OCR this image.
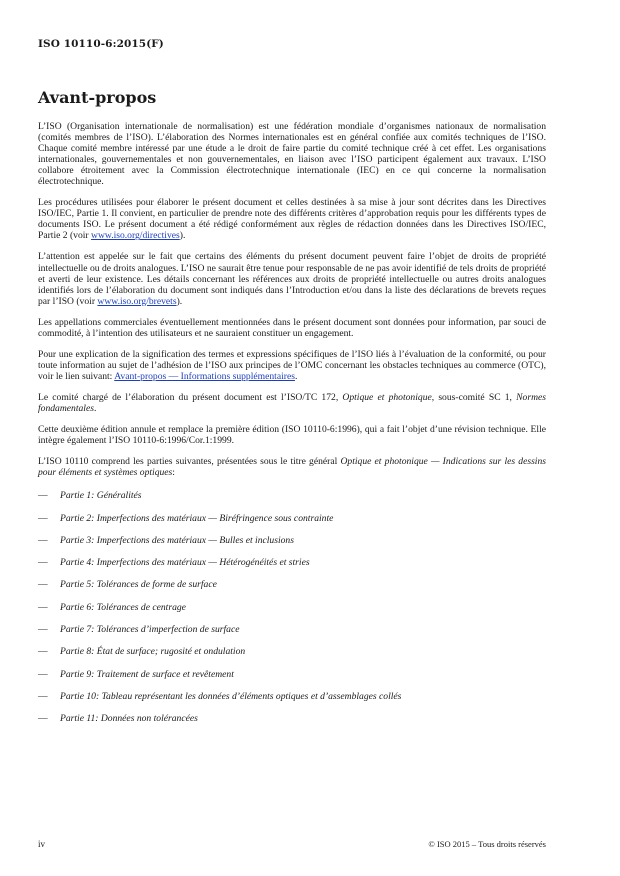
ISO 10110-6:2015(F)
Avant-propos

L’ISO (Organisation internationale de normalisation) est une fédération mondiale d’organismes nationaux de normalisation (comités membres de l’ISO). L’élaboration des Normes internationales est en général confiée aux comités techniques de l’ISO. Chaque comité membre intéressé par une étude a le droit de faire partie du comité technique créé à cet effet. Les organisations internationales, gouvernementales et non gouvernementales, en liaison avec l’ISO participent également aux travaux. L’ISO collabore étroitement avec la Commission électrotechnique internationale (IEC) en ce qui concerne la normalisation électrotechnique.

Les procédures utilisées pour élaborer le présent document et celles destinées à sa mise à jour sont décrites dans les Directives ISO/IEC, Partie 1. Il convient, en particulier de prendre note des différents critères d’approbation requis pour les différents types de documents ISO. Le présent document a été rédigé conformément aux règles de rédaction données dans les Directives ISO/IEC, Partie 2 (voir www.iso.org/directives).

L’attention est appelée sur le fait que certains des éléments du présent document peuvent faire l’objet de droits de propriété intellectuelle ou de droits analogues. L’ISO ne saurait être tenue pour responsable de ne pas avoir identifié de tels droits de propriété et averti de leur existence. Les détails concernant les références aux droits de propriété intellectuelle ou autres droits analogues identifiés lors de l’élaboration du document sont indiqués dans l’Introduction et/ou dans la liste des déclarations de brevets reçues par l’ISO (voir www.iso.org/brevets).

Les appellations commerciales éventuellement mentionnées dans le présent document sont données pour information, par souci de commodité, à l’intention des utilisateurs et ne sauraient constituer un engagement.

Pour une explication de la signification des termes et expressions spécifiques de l’ISO liés à l’évaluation de la conformité, ou pour toute information au sujet de l’adhésion de l’ISO aux principes de l’OMC concernant les obstacles techniques au commerce (OTC), voir le lien suivant: Avant-propos — Informations supplémentaires.

Le comité chargé de l’élaboration du présent document est l’ISO/TC 172, Optique et photonique, sous-comité SC 1, Normes fondamentales.

Cette deuxième édition annule et remplace la première édition (ISO 10110-6:1996), qui a fait l’objet d’une révision technique. Elle intègre également l’ISO 10110-6:1996/Cor.1:1999.

L’ISO 10110 comprend les parties suivantes, présentées sous le titre général Optique et photonique — Indications sur les dessins pour éléments et systèmes optiques:

— Partie 1: Généralités
— Partie 2: Imperfections des matériaux — Biréfringence sous contrainte
— Partie 3: Imperfections des matériaux — Bulles et inclusions
— Partie 4: Imperfections des matériaux — Hétérogénéités et stries
— Partie 5: Tolérances de forme de surface
— Partie 6: Tolérances de centrage
— Partie 7: Tolérances d’imperfection de surface
— Partie 8: État de surface; rugosité et ondulation
— Partie 9: Traitement de surface et revêtement
— Partie 10: Tableau représentant les données d’éléments optiques et d’assemblages collés
— Partie 11: Données non tolérancées
iv	© ISO 2015 – Tous droits réservés
